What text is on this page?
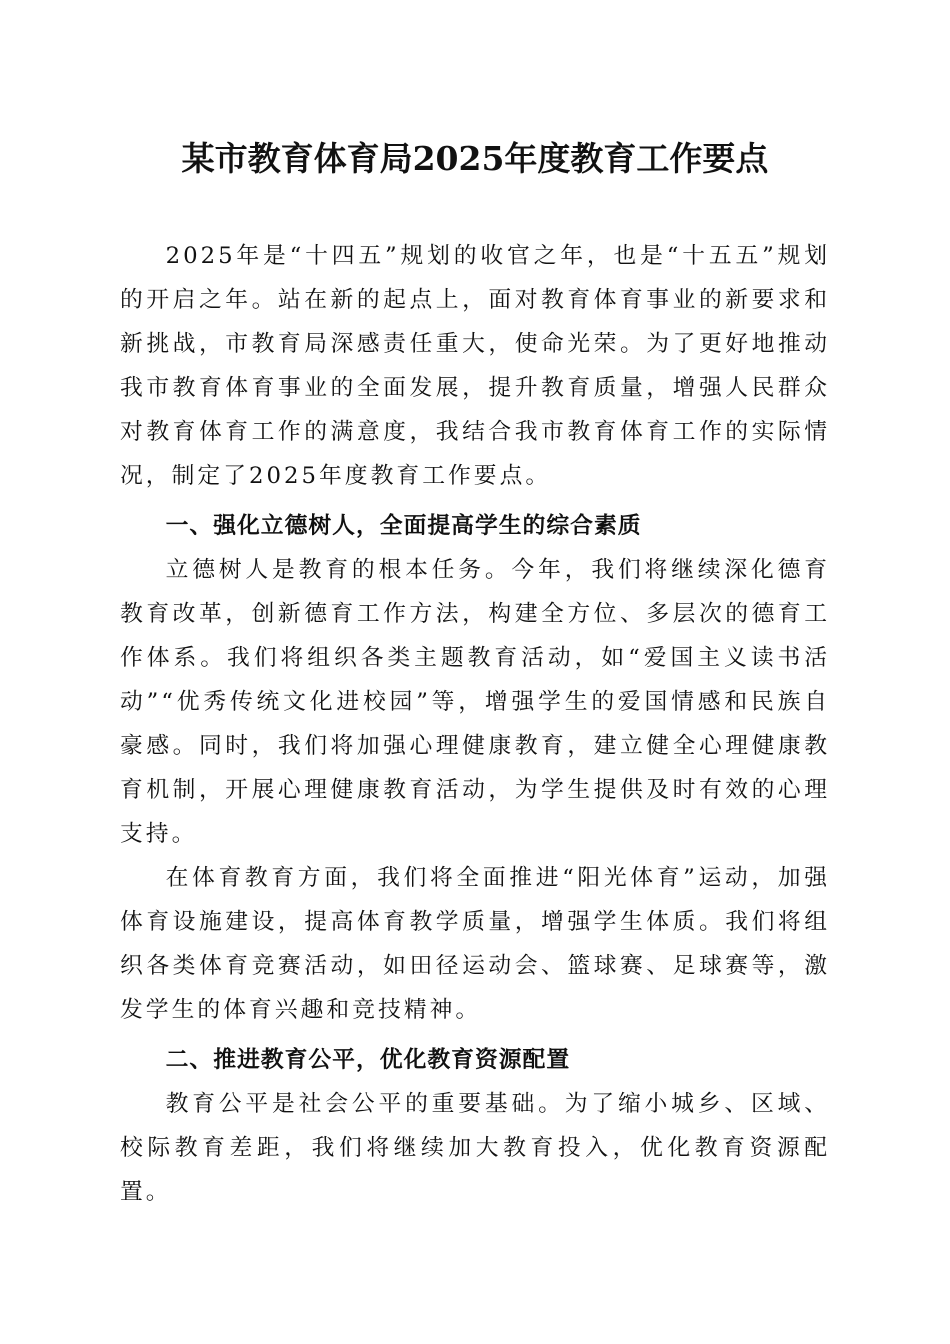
某市教育体育局2025年度教育工作要点

2025年是“十四五”规划的收官之年，也是“十五五”规划的开启之年。站在新的起点上，面对教育体育事业的新要求和新挑战，市教育局深感责任重大，使命光荣。为了更好地推动我市教育体育事业的全面发展，提升教育质量，增强人民群众对教育体育工作的满意度，我结合我市教育体育工作的实际情况，制定了2025年度教育工作要点。

一、强化立德树人，全面提高学生的综合素质

立德树人是教育的根本任务。今年，我们将继续深化德育教育改革，创新德育工作方法，构建全方位、多层次的德育工作体系。我们将组织各类主题教育活动，如“爱国主义读书活动”“优秀传统文化进校园”等，增强学生的爱国情感和民族自豪感。同时，我们将加强心理健康教育，建立健全心理健康教育机制，开展心理健康教育活动，为学生提供及时有效的心理支持。

在体育教育方面，我们将全面推进“阳光体育”运动，加强体育设施建设，提高体育教学质量，增强学生体质。我们将组织各类体育竞赛活动，如田径运动会、篮球赛、足球赛等，激发学生的体育兴趣和竞技精神。

二、推进教育公平，优化教育资源配置

教育公平是社会公平的重要基础。为了缩小城乡、区域、校际教育差距，我们将继续加大教育投入，优化教育资源配置。
